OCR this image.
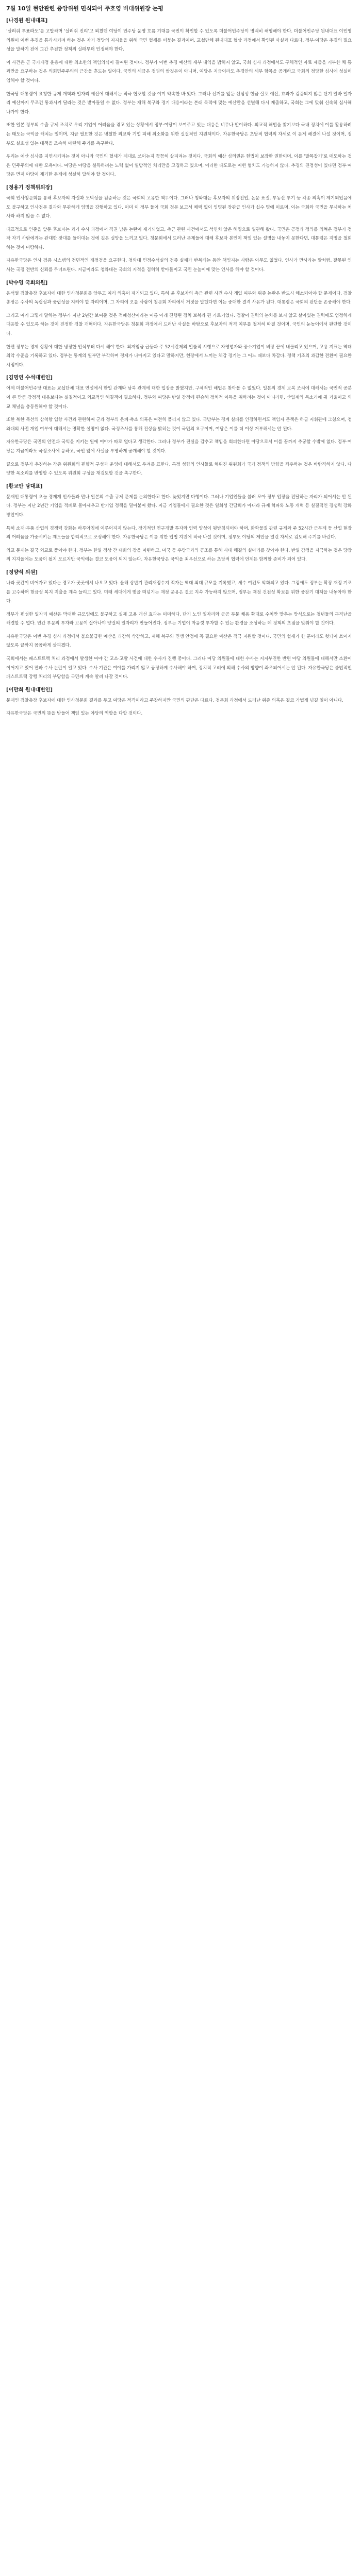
7월 10일 현안관련 중앙위원 면식되어 주호영 비대위원장 논평
[나경원 원내대표]

‘살려줘 투표라도’를 고발하며 ‘살려줘 진리’고 외쳤던 여당이 민주당 운영 흐름 기대를 국민이 확인할 수 있도록 더불어민주당이 명백히 해명해야 한다. 더불어민주당 원내대표 이인영 의원이 이번 추경을 통과시키려 하는 것은 자기 정당의 지지율을 위해 국민 혈세를 퍼붓는 결과이며, 교섭단체 원내대표 협상 과정에서 확인된 사실과 다르다. 정부·여당은 추경의 필요성을 말하기 전에 그간 추진한 정책의 실패부터 인정해야 한다.

이 사건은 곧 국가재정 운용에 대한 최소한의 책임의식이 결여된 것이다. 정부가 이번 추경 예산의 세부 내역을 밝히지 않고, 국회 심사 과정에서도 구체적인 자료 제출을 거부한 채 통과만을 요구하는 것은 의회민주주의의 근간을 흔드는 일이다. 국민의 세금은 정권의 쌈짓돈이 아니며, 여당은 지금이라도 추경안의 세부 항목을 공개하고 국회의 정당한 심사에 성실히 임해야 할 것이다.

한국당 대통령이 요청한 규제 개혁과 일자리 예산에 대해서는 적극 협조할 것을 이미 약속한 바 있다. 그러나 선거를 앞둔 선심성 현금 살포 예산, 효과가 검증되지 않은 단기 알바 일자리 예산까지 무조건 통과시켜 달라는 것은 받아들일 수 없다. 정부는 재해 복구와 경기 대응이라는 본래 목적에 맞는 예산만을 선별해 다시 제출하고, 국회는 그에 맞춰 신속히 심사해 나가야 한다.

또한 일본 정부의 수출 규제 조치로 우리 기업이 어려움을 겪고 있는 상황에서 정부·여당이 보여주고 있는 대응은 너무나 안이하다. 외교적 해법을 찾기보다 국내 정치에 이를 활용하려는 태도는 국익을 해치는 일이며, 지금 필요한 것은 냉철한 외교와 기업 피해 최소화를 위한 실질적인 지원책이다. 자유한국당은 초당적 협력의 자세로 이 문제 해결에 나설 것이며, 정부도 실효성 있는 대책을 조속히 마련해 주기를 촉구한다.

우리는 예산 심사를 지연시키려는 것이 아니라 국민의 혈세가 제대로 쓰이는지 꼼꼼히 살피려는 것이다. 국회의 예산 심의권은 헌법이 보장한 권한이며, 이를 ‘발목잡기’로 매도하는 것은 민주주의에 대한 모욕이다. 여당은 야당을 설득하려는 노력 없이 일방적인 처리만을 고집하고 있으며, 이러한 태도로는 어떤 협치도 가능하지 않다. 추경의 진정성이 있다면 정부·여당은 먼저 야당이 제기한 문제에 성실히 답해야 할 것이다.

[정용기 정책위의장]

국회 인사청문회를 통해 후보자의 자질과 도덕성을 검증하는 것은 국회의 고유한 책무이다. 그러나 청와대는 후보자의 위장전입, 논문 표절, 부동산 투기 등 각종 의혹이 제기되었음에도 불구하고 인사청문 결과와 무관하게 임명을 강행하고 있다. 이미 이 정부 들어 국회 청문 보고서 채택 없이 임명된 장관급 인사가 십수 명에 이르며, 이는 국회와 국민을 무시하는 처사라 하지 않을 수 없다.

대표적으로 인준을 앞둔 후보자는 과거 수사 과정에서 직권 남용 논란이 제기되었고, 측근 관련 사건에서도 석연치 않은 해명으로 일관해 왔다. 국민은 공정과 정의를 외쳐온 정부가 정작 자기 사람에게는 관대한 잣대를 들이대는 것에 깊은 실망을 느끼고 있다. 청문회에서 드러난 문제들에 대해 후보자 본인이 책임 있는 설명을 내놓지 못한다면, 대통령은 지명을 철회하는 것이 마땅하다.

자유한국당은 인사 검증 시스템의 전면적인 재점검을 요구한다. 청와대 민정수석실의 검증 실패가 반복되는 동안 책임지는 사람은 아무도 없었다. 인사가 만사라는 말처럼, 잘못된 인사는 국정 전반의 신뢰를 무너뜨린다. 지금이라도 청와대는 국회의 지적을 겸허히 받아들이고 국민 눈높이에 맞는 인사를 해야 할 것이다.

[박수영 국회의원]

윤석열 검찰총장 후보자에 대한 인사청문회를 앞두고 여러 의혹이 제기되고 있다. 특히 윤 후보자의 측근 관련 사건 수사 개입 여부와 위증 논란은 반드시 해소되어야 할 문제이다. 검찰총장은 수사의 독립성과 중립성을 지켜야 할 자리이며, 그 자리에 오를 사람이 청문회 자리에서 거짓을 말했다면 이는 중대한 결격 사유가 된다. 대통령은 국회의 판단을 존중해야 한다.

그리고 여기 그렇게 말하는 정부가 지난 2년간 보여준 것은 적폐청산이라는 이름 아래 진행된 정치 보복과 편 가르기였다. 검찰이 권력의 눈치를 보지 않고 살아있는 권력에도 엄정하게 대응할 수 있도록 하는 것이 진정한 검찰 개혁이다. 자유한국당은 청문회 과정에서 드러난 사실을 바탕으로 후보자의 적격 여부를 철저히 따질 것이며, 국민의 눈높이에서 판단할 것이다.

한편 정부는 경제 상황에 대한 냉정한 인식부터 다시 해야 한다. 최저임금 급등과 주 52시간제의 일률적 시행으로 자영업자와 중소기업이 벼랑 끝에 내몰리고 있으며, 고용 지표는 역대 최악 수준을 기록하고 있다. 정부는 통계의 일부만 부각하며 경제가 나아지고 있다고 말하지만, 현장에서 느끼는 체감 경기는 그 어느 때보다 차갑다. 정책 기조의 과감한 전환이 필요한 시점이다.

[김명연 수석대변인]

어제 더불어민주당 대표는 교섭단체 대표 연설에서 한일 관계와 남북 관계에 대한 입장을 밝혔지만, 구체적인 해법은 찾아볼 수 없었다. 일본의 경제 보복 조치에 대해서는 국민적 공분이 큰 만큼 감정적 대응보다는 실질적이고 외교적인 해결책이 필요하다. 정부와 여당은 반일 감정에 편승해 정치적 이득을 취하려는 것이 아니라면, 산업계의 목소리에 귀 기울이고 외교 채널을 총동원해야 할 것이다.

또한 북한 목선의 삼척항 입항 사건과 관련하여 군과 정부의 은폐·축소 의혹은 여전히 풀리지 않고 있다. 국방부는 경계 실패를 인정하면서도 책임자 문책은 하급 지휘관에 그쳤으며, 청와대의 사전 개입 여부에 대해서는 명확한 설명이 없다. 국정조사를 통해 진상을 밝히는 것이 국민의 요구이며, 여당은 이를 더 이상 거부해서는 안 된다.

자유한국당은 국민의 안전과 국익을 지키는 일에 여야가 따로 없다고 생각한다. 그러나 정부가 진실을 감추고 책임을 회피한다면 야당으로서 이를 끝까지 추궁할 수밖에 없다. 정부·여당은 지금이라도 국정조사에 응하고, 국민 앞에 사실을 투명하게 공개해야 할 것이다.

끝으로 정부가 추진하는 각종 위원회의 편향적 구성과 운영에 대해서도 우려를 표한다. 특정 성향의 인사들로 채워진 위원회가 국가 정책의 방향을 좌우하는 것은 바람직하지 않다. 다양한 목소리를 반영할 수 있도록 위원회 구성을 재검토할 것을 촉구한다.

[황교안 당대표]

문재인 대통령이 오늘 경제계 인사들과 만나 일본의 수출 규제 문제를 논의한다고 한다. 늦었지만 다행이다. 그러나 기업인들을 불러 모아 정부 입장을 전달하는 자리가 되어서는 안 된다. 정부는 지난 2년간 기업을 적폐로 몰아세우고 반기업 정책을 밀어붙여 왔다. 지금 기업들에게 필요한 것은 일회성 간담회가 아니라 규제 혁파와 노동 개혁 등 실질적인 경쟁력 강화 방안이다.

특히 소재·부품 산업의 경쟁력 강화는 하루아침에 이루어지지 않는다. 장기적인 연구개발 투자와 인력 양성이 뒷받침되어야 하며, 화학물질 관련 규제와 주 52시간 근무제 등 산업 현장의 어려움을 가중시키는 제도들을 합리적으로 조정해야 한다. 자유한국당은 이를 위한 입법 지원에 적극 나설 것이며, 정부도 야당의 제안을 열린 자세로 검토해 주기를 바란다.

외교 문제는 결국 외교로 풀어야 한다. 정부는 한일 정상 간 대화의 장을 마련하고, 미국 등 우방국과의 공조를 통해 사태 해결의 실마리를 찾아야 한다. 반일 감정을 자극하는 것은 당장의 지지율에는 도움이 될지 모르지만 국익에는 결코 도움이 되지 않는다. 자유한국당은 국익을 최우선으로 하는 초당적 협력에 언제든 함께할 준비가 되어 있다.

[정양석 의원]

나라 곳간이 비어가고 있다는 경고가 곳곳에서 나오고 있다. 올해 상반기 관리재정수지 적자는 역대 최대 규모를 기록했고, 세수 여건도 악화되고 있다. 그럼에도 정부는 확장 재정 기조를 고수하며 현금성 복지 지출을 계속 늘리고 있다. 미래 세대에게 빚을 떠넘기는 재정 운용은 결코 지속 가능하지 않으며, 정부는 재정 건전성 확보를 위한 중장기 대책을 내놓아야 한다.

정부가 편성한 일자리 예산은 막대한 규모임에도 불구하고 실제 고용 개선 효과는 미미하다. 단기 노인 일자리와 공공 부문 채용 확대로 수치만 맞추는 방식으로는 청년들의 구직난을 해결할 수 없다. 민간 부문의 투자와 고용이 살아나야 양질의 일자리가 만들어진다. 정부는 기업이 마음껏 투자할 수 있는 환경을 조성하는 데 정책의 초점을 맞춰야 할 것이다.

자유한국당은 이번 추경 심사 과정에서 불요불급한 예산을 과감히 삭감하고, 재해 복구와 민생 안정에 꼭 필요한 예산은 적극 지원할 것이다. 국민의 혈세가 한 푼이라도 헛되이 쓰이지 않도록 끝까지 꼼꼼하게 살피겠다.

국회에서는 패스트트랙 처리 과정에서 발생한 여야 간 고소·고발 사건에 대한 수사가 진행 중이다. 그러나 여당 의원들에 대한 수사는 지지부진한 반면 야당 의원들에 대해서만 소환이 이어지고 있어 편파 수사 논란이 일고 있다. 수사 기관은 여야를 가리지 않고 공정하게 수사해야 하며, 정치적 고려에 의해 수사의 방향이 좌우되어서는 안 된다. 자유한국당은 불법적인 패스트트랙 강행 처리의 부당함을 국민께 계속 알려 나갈 것이다.

[이만희 원내대변인]

문재인 검찰총장 후보자에 대한 인사청문회 결과를 두고 여당은 적격이라고 주장하지만 국민의 판단은 다르다. 청문회 과정에서 드러난 위증 의혹은 결코 가볍게 넘길 일이 아니다.

자유한국당은 국민의 뜻을 받들어 책임 있는 야당의 역할을 다할 것이다.
